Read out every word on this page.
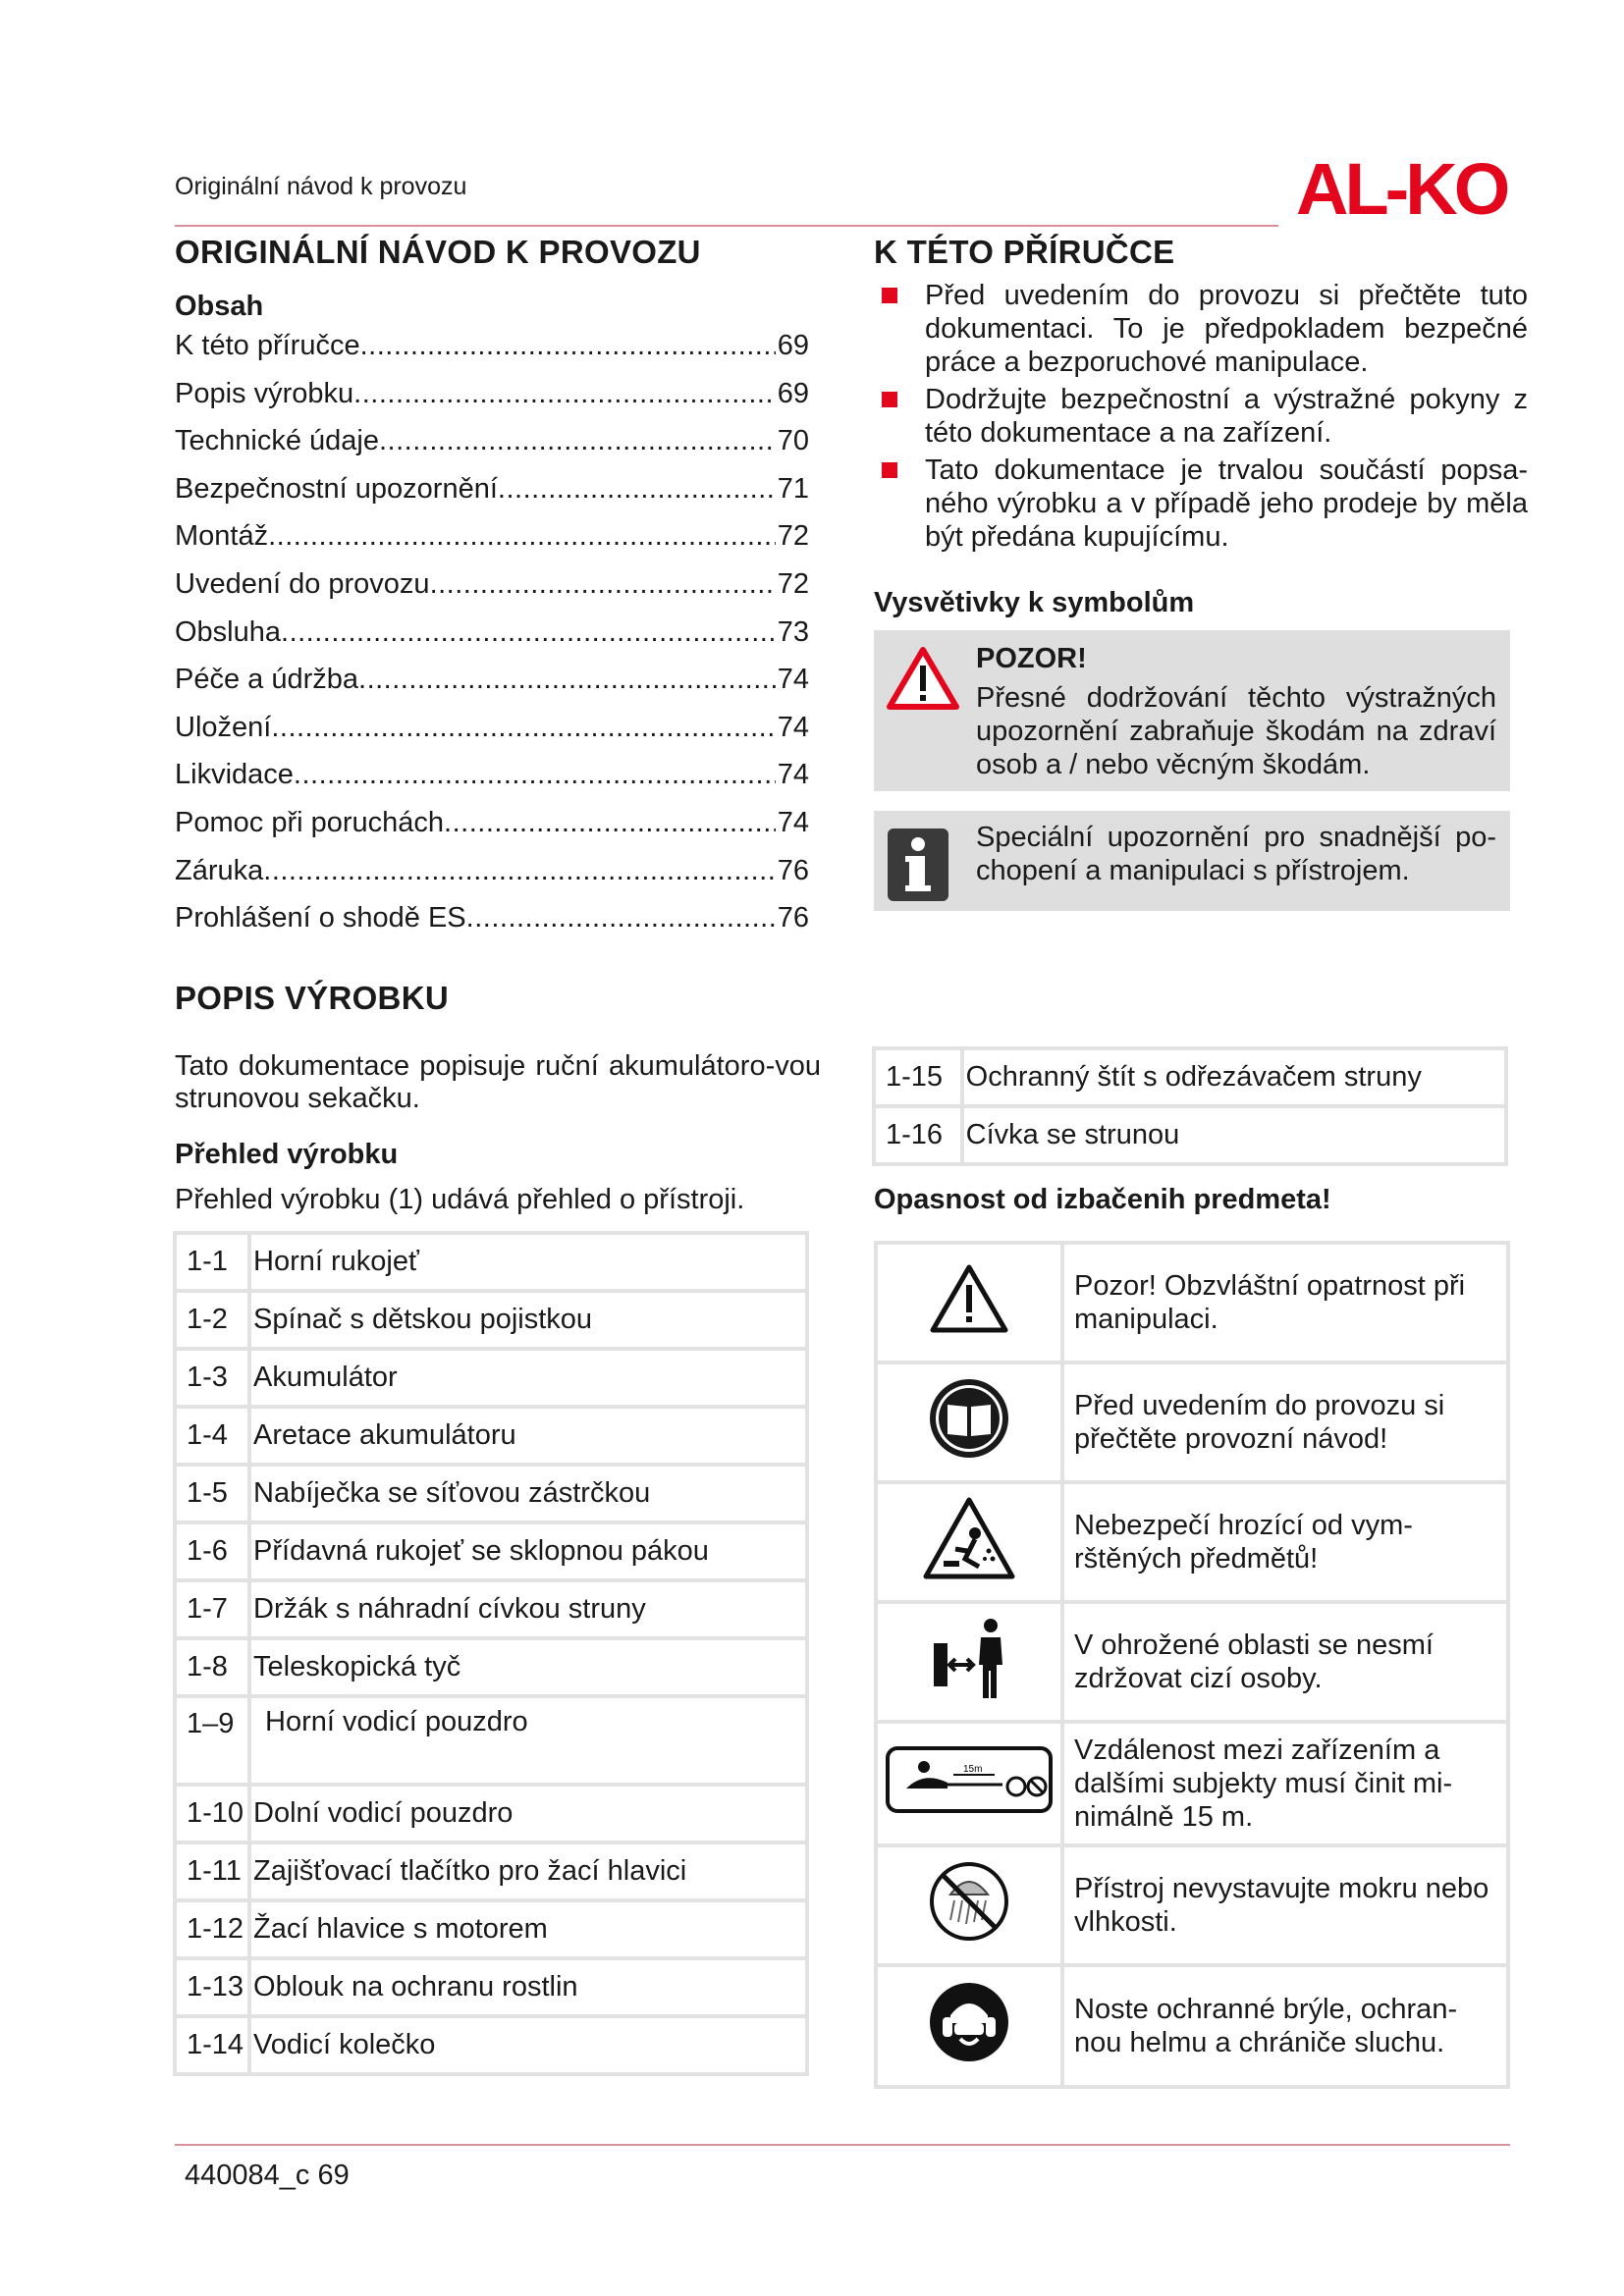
Originální návod k provozu	AL-KO
ORIGINÁLNÍ NÁVOD K PROVOZU
Obsah
K této příručce .....	69
Popis výrobku .....	69
Technické údaje .....	70
Bezpečnostní upozornění .....	71
Montáž .....	72
Uvedení do provozu .....	72
Obsluha .....	73
Péče a údržba .....	74
Uložení .....	74
Likvidace .....	74
Pomoc při poruchách .....	74
Záruka .....	76
Prohlášení o shodě ES .....	76
POPIS VÝROBKU
Tato dokumentace popisuje ruční akumulátoro-vou strunovou sekačku.
Přehled výrobku
Přehled výrobku (1) udává přehled o přístroji.
1-1	Horní rukojeť
1-2	Spínač s dětskou pojistkou
1-3	Akumulátor
1-4	Aretace akumulátoru
1-5	Nabíječka se síťovou zástrčkou
1-6	Přídavná rukojeť se sklopnou pákou
1-7	Držák s náhradní cívkou struny
1-8	Teleskopická tyč
1–9	Horní vodicí pouzdro
1-10	Dolní vodicí pouzdro
1-11	Zajišťovací tlačítko pro žací hlavici
1-12	Žací hlavice s motorem
1-13	Oblouk na ochranu rostlin
1-14	Vodicí kolečko
K TÉTO PŘÍRUČCE
Před uvedením do provozu si přečtěte tuto dokumentaci. To je předpokladem bezpečné práce a bezporuchové manipulace.
Dodržujte bezpečnostní a výstražné pokyny z této dokumentace a na zařízení.
Tato dokumentace je trvalou součástí popsa-ného výrobku a v případě jeho prodeje by měla být předána kupujícímu.
Vysvětivky k symbolům
POZOR!
Přesné dodržování těchto výstražných upozornění zabraňuje škodám na zdraví osob a / nebo věcným škodám.
Speciální upozornění pro snadnější po-chopení a manipulaci s přístrojem.
1-15	Ochranný štít s odřezávačem struny
1-16	Cívka se strunou
Opasnost od izbačenih predmeta!
	Pozor! Obzvláštní opatrnost při manipulaci.
	Před uvedením do provozu si přečtěte provozní návod!
	Nebezpečí hrozící od vym-rštěných předmětů!
	V ohrožené oblasti se nesmí zdržovat cizí osoby.

15m	Vzdálenost mezi zařízením a dalšími subjekty musí činit mi-nimálně 15 m.
	Přístroj nevystavujte mokru nebo vlhkosti.
	Noste ochranné brýle, ochran-nou helmu a chrániče sluchu.
440084_c 69
